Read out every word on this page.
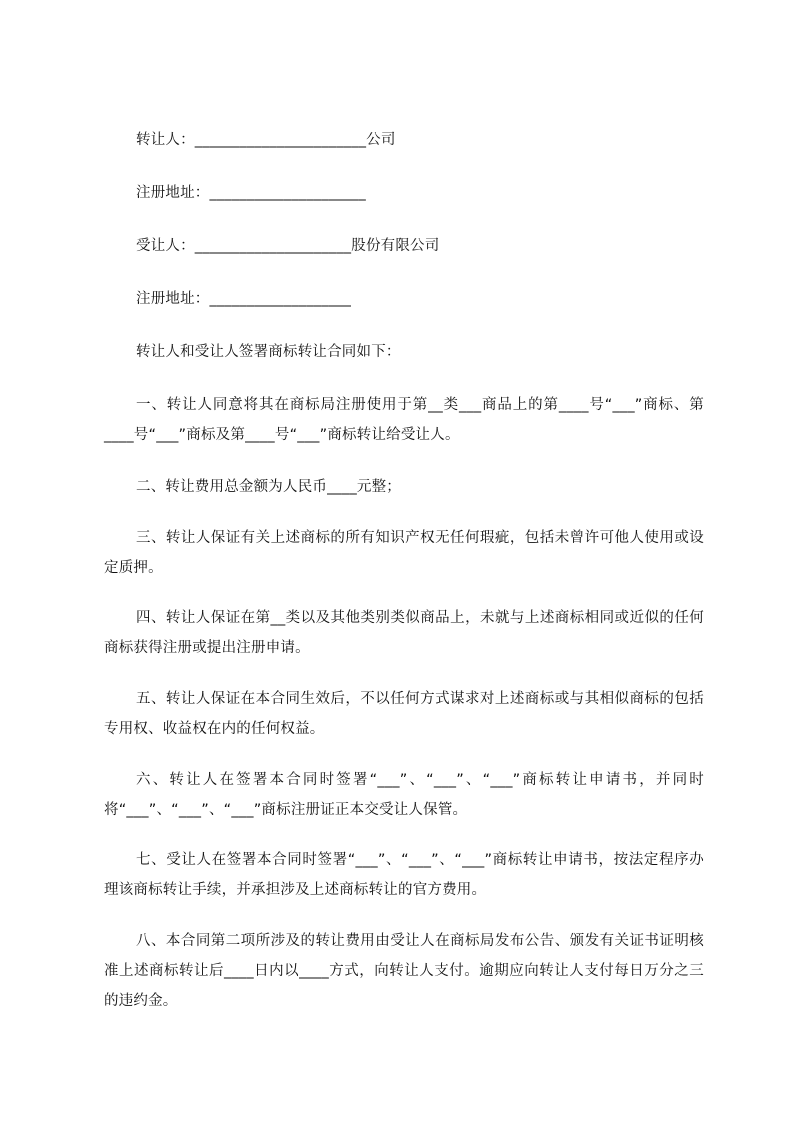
转让人：_______________________公司
注册地址：_____________________
受让人：_____________________股份有限公司
注册地址：___________________
转让人和受让人签署商标转让合同如下：
一、转让人同意将其在商标局注册使用于第__类___商品上的第____号“___”商标、第____号“___”商标及第____号“___”商标转让给受让人。
二、转让费用总金额为人民币____元整；
三、转让人保证有关上述商标的所有知识产权无任何瑕疵，包括未曾许可他人使用或设定质押。
四、转让人保证在第__类以及其他类别类似商品上，未就与上述商标相同或近似的任何商标获得注册或提出注册申请。
五、转让人保证在本合同生效后，不以任何方式谋求对上述商标或与其相似商标的包括专用权、收益权在内的任何权益。
六、转让人在签署本合同时签署“___”、“___”、“___”商标转让申请书，并同时将“___”、“___”、“___”商标注册证正本交受让人保管。
七、受让人在签署本合同时签署“___”、“___”、“___”商标转让申请书，按法定程序办理该商标转让手续，并承担涉及上述商标转让的官方费用。
八、本合同第二项所涉及的转让费用由受让人在商标局发布公告、颁发有关证书证明核准上述商标转让后____日内以____方式，向转让人支付。逾期应向转让人支付每日万分之三的违约金。
